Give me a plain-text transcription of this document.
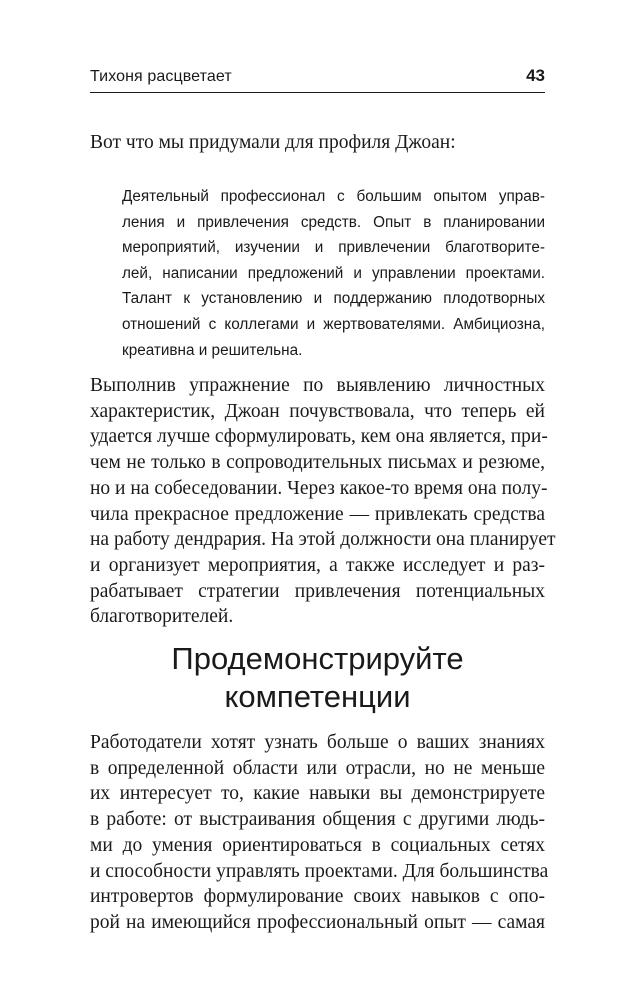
Тихоня расцветает	43

Вот что мы придумали для профиля Джоан:

Деятельный профессионал с большим опытом управ-
ления и привлечения средств. Опыт в планировании
мероприятий, изучении и привлечении благотворите-
лей, написании предложений и управлении проектами.
Талант к установлению и поддержанию плодотворных
отношений с коллегами и жертвователями. Амбициозна,
креативна и решительна.
Выполнив упражнение по выявлению личностных
характеристик, Джоан почувствовала, что теперь ей
удается лучше сформулировать, кем она является, при-
чем не только в сопроводительных письмах и резюме,
но и на собеседовании. Через какое-то время она полу-
чила прекрасное предложение — привлекать средства
на работу дендрария. На этой должности она планирует
и организует мероприятия, а также исследует и раз-
рабатывает стратегии привлечения потенциальных
благотворителей.
Продемонстрируйте
компетенции
Работодатели хотят узнать больше о ваших знаниях
в определенной области или отрасли, но не меньше
их интересует то, какие навыки вы демонстрируете
в работе: от выстраивания общения с другими людь-
ми до умения ориентироваться в социальных сетях
и способности управлять проектами. Для большинства
интровертов формулирование своих навыков с опо-
рой на имеющийся профессиональный опыт — самая
